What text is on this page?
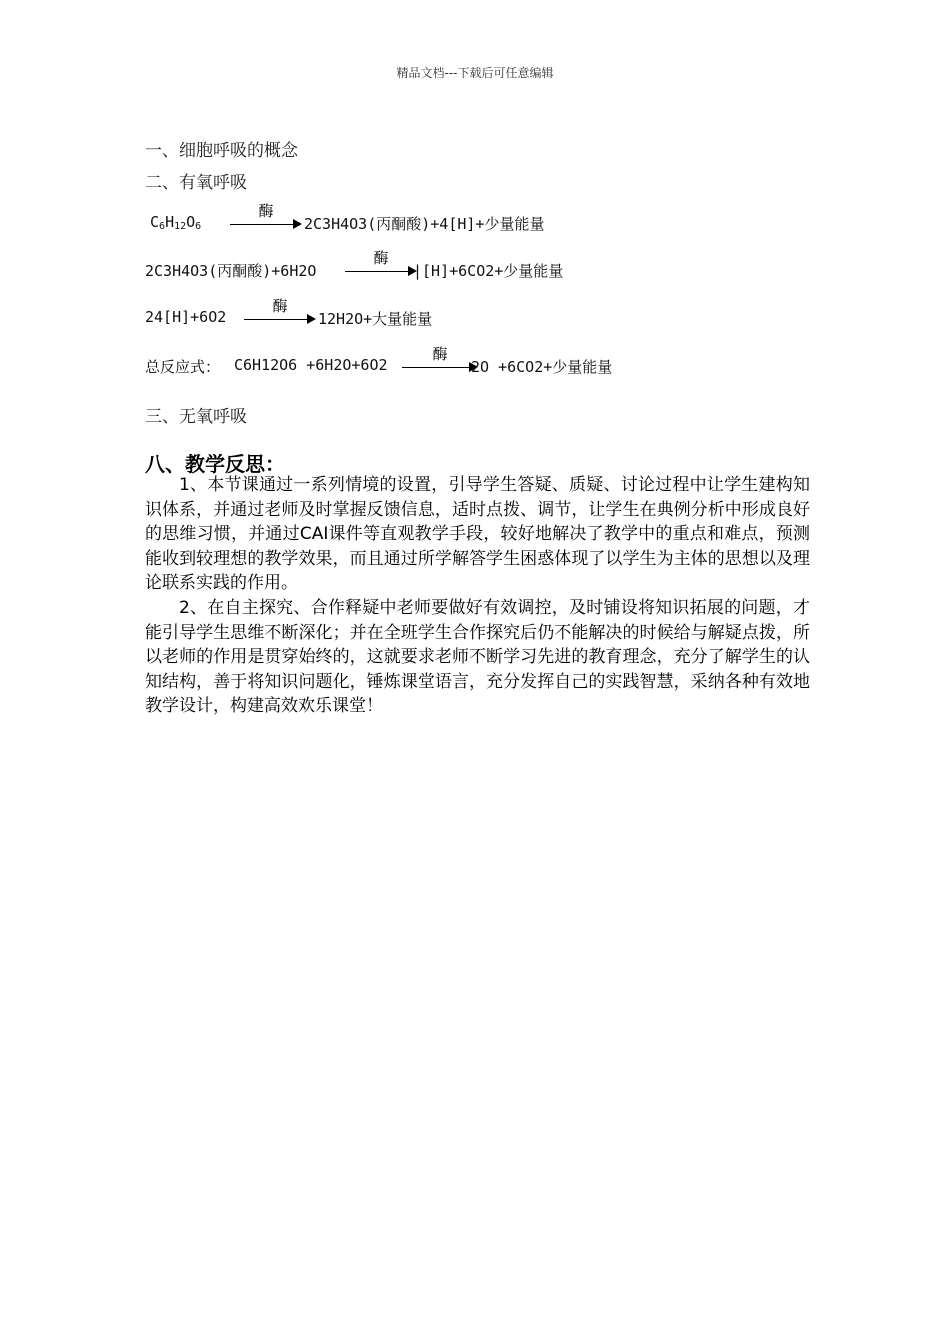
精品文档---下载后可任意编辑
一、细胞呼吸的概念
二、有氧呼吸
$C_6H_{12}O_6$
酶
2C3H4O3(丙酮酸)+4[H]+少量能量
2C3H4O3(丙酮酸)+6H2O
酶
|[H]+6CO2+少量能量
24[H]+6O2
酶
12H2O+大量能量
总反应式： C6H12O6 +6H2O+6O2
酶
2O +6CO2+少量能量
三、无氧呼吸
八、教学反思：
1、本节课通过一系列情境的设置，引导学生答疑、质疑、讨论过程中让学生建构知识体系，并通过老师及时掌握反馈信息，适时点拨、调节，让学生在典例分析中形成良好的思维习惯，并通过CAI课件等直观教学手段，较好地解决了教学中的重点和难点，预测能收到较理想的教学效果，而且通过所学解答学生困惑体现了以学生为主体的思想以及理论联系实践的作用。
2、在自主探究、合作释疑中老师要做好有效调控，及时铺设将知识拓展的问题，才能引导学生思维不断深化；并在全班学生合作探究后仍不能解决的时候给与解疑点拨，所以老师的作用是贯穿始终的，这就要求老师不断学习先进的教育理念，充分了解学生的认知结构，善于将知识问题化，锤炼课堂语言，充分发挥自己的实践智慧，采纳各种有效地教学设计，构建高效欢乐课堂！
